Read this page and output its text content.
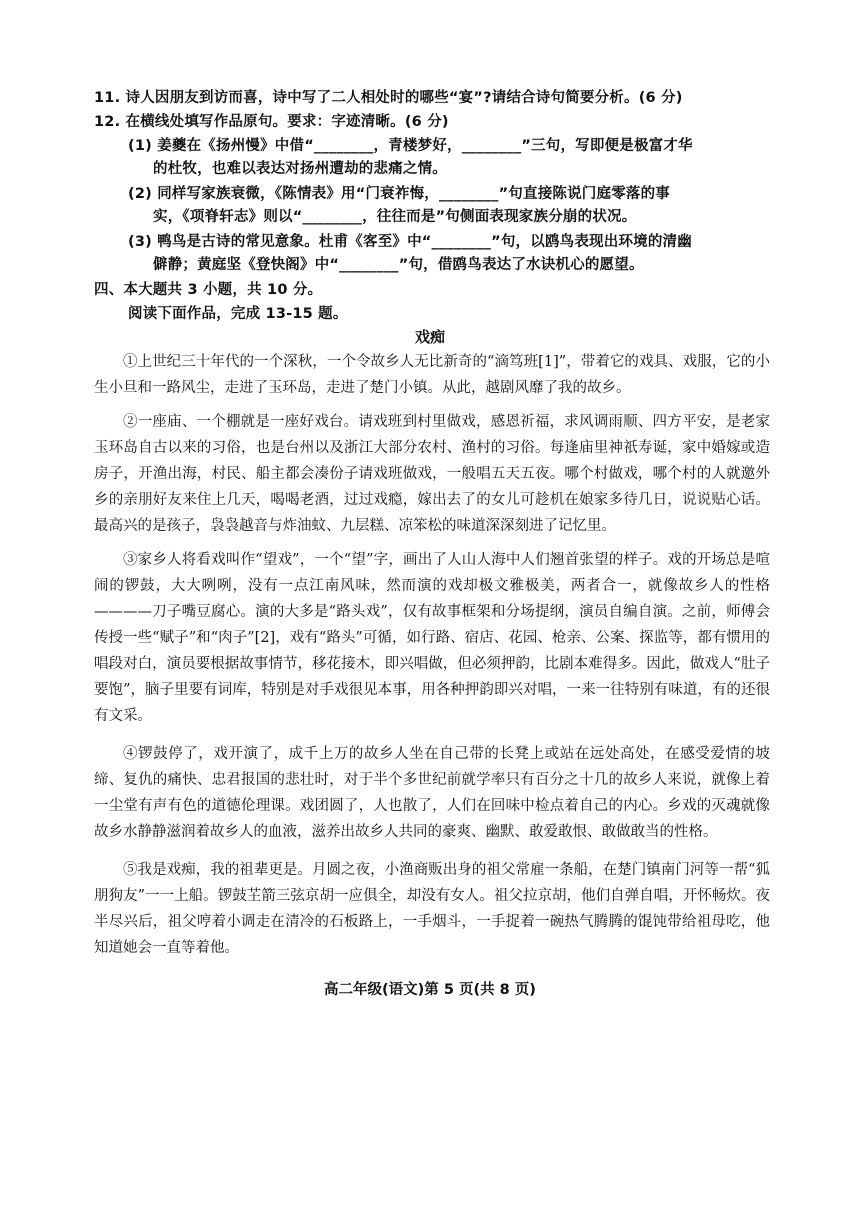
11. 诗人因朋友到访而喜，诗中写了二人相处时的哪些“宴”?请结合诗句简要分析。(6 分)
12. 在横线处填写作品原句。要求：字迹清晰。(6 分)
(1) 姜夔在《扬州慢》中借“________，青楼梦好，________”三句，写即便是极富才华
的杜牧，也难以表达对扬州遭劫的悲痛之情。
(2) 同样写家族衰微，《陈情表》用“门衰祚悔，________”句直接陈说门庭零落的事
实，《项脊轩志》则以“________，往往而是”句侧面表现家族分崩的状况。
(3) 鸭鸟是古诗的常见意象。杜甫《客至》中“________”句，以鸥鸟表现出环境的清幽
僻静；黄庭坚《登快阁》中“________”句，借鸥鸟表达了水诀机心的愿望。
四、本大题共 3 小题，共 10 分。
阅读下面作品，完成 13-15 题。
戏痴
①上世纪三十年代的一个深秋，一个令故乡人无比新奇的“滴笃班[1]”，带着它的戏具、戏服，它的小生小旦和一路风尘，走进了玉环岛，走进了楚门小镇。从此，越剧风靡了我的故乡。
②一座庙、一个棚就是一座好戏台。请戏班到村里做戏，感恩祈福，求风调雨顺、四方平安，是老家玉环岛自古以来的习俗，也是台州以及浙江大部分农村、渔村的习俗。每逢庙里神祇寿诞，家中婚嫁或造房子，开渔出海，村民、船主都会凑份子请戏班做戏，一般唱五天五夜。哪个村做戏，哪个村的人就邀外乡的亲朋好友来住上几天，喝喝老酒，过过戏瘾，嫁出去了的女儿可趁机在娘家多待几日，说说贴心话。最高兴的是孩子，袅袅越音与炸油蚊、九层糕、凉笨松的味道深深刻进了记忆里。
③家乡人将看戏叫作“望戏”，一个“望”字，画出了人山人海中人们翘首张望的样子。戏的开场总是喧闹的锣鼓，大大咧咧，没有一点江南风味，然而演的戏却极文雅极美，两者合一，就像故乡人的性格————刀子嘴豆腐心。演的大多是“路头戏”，仅有故事框架和分场提纲，演员自编自演。之前，师傅会传授一些“赋子”和“肉子”[2]，戏有“路头”可循，如行路、宿店、花园、枪亲、公案、探监等，都有惯用的唱段对白，演员要根据故事情节，移花接木，即兴唱做，但必须押韵，比剧本难得多。因此，做戏人“肚子要饱”，脑子里要有词库，特别是对手戏很见本事，用各种押韵即兴对唱，一来一往特别有味道，有的还很有文采。
④锣鼓停了，戏开演了，成千上万的故乡人坐在自己带的长凳上或站在远处高处，在感受爱情的坡缔、复仇的痛快、忠君报国的悲壮时，对于半个多世纪前就学率只有百分之十几的故乡人来说，就像上着一尘堂有声有色的道德伦理课。戏团圆了，人也散了，人们在回味中检点着自己的内心。乡戏的灭魂就像故乡水静静滋润着故乡人的血液，滋养出故乡人共同的豪爽、幽默、敢爱敢恨、敢做敢当的性格。
⑤我是戏痴，我的祖辈更是。月圆之夜，小渔商贩出身的祖父常雇一条船，在楚门镇南门河等一帮“狐朋狗友”一一上船。锣鼓芏箭三弦京胡一应俱全，却没有女人。祖父拉京胡，他们自弹自唱，开怀畅炊。夜半尽兴后，祖父哼着小调走在清冷的石板路上，一手烟斗，一手捉着一碗热气腾腾的馄饨带给祖母吃，他知道她会一直等着他。
高二年级(语文)第 5 页(共 8 页)
